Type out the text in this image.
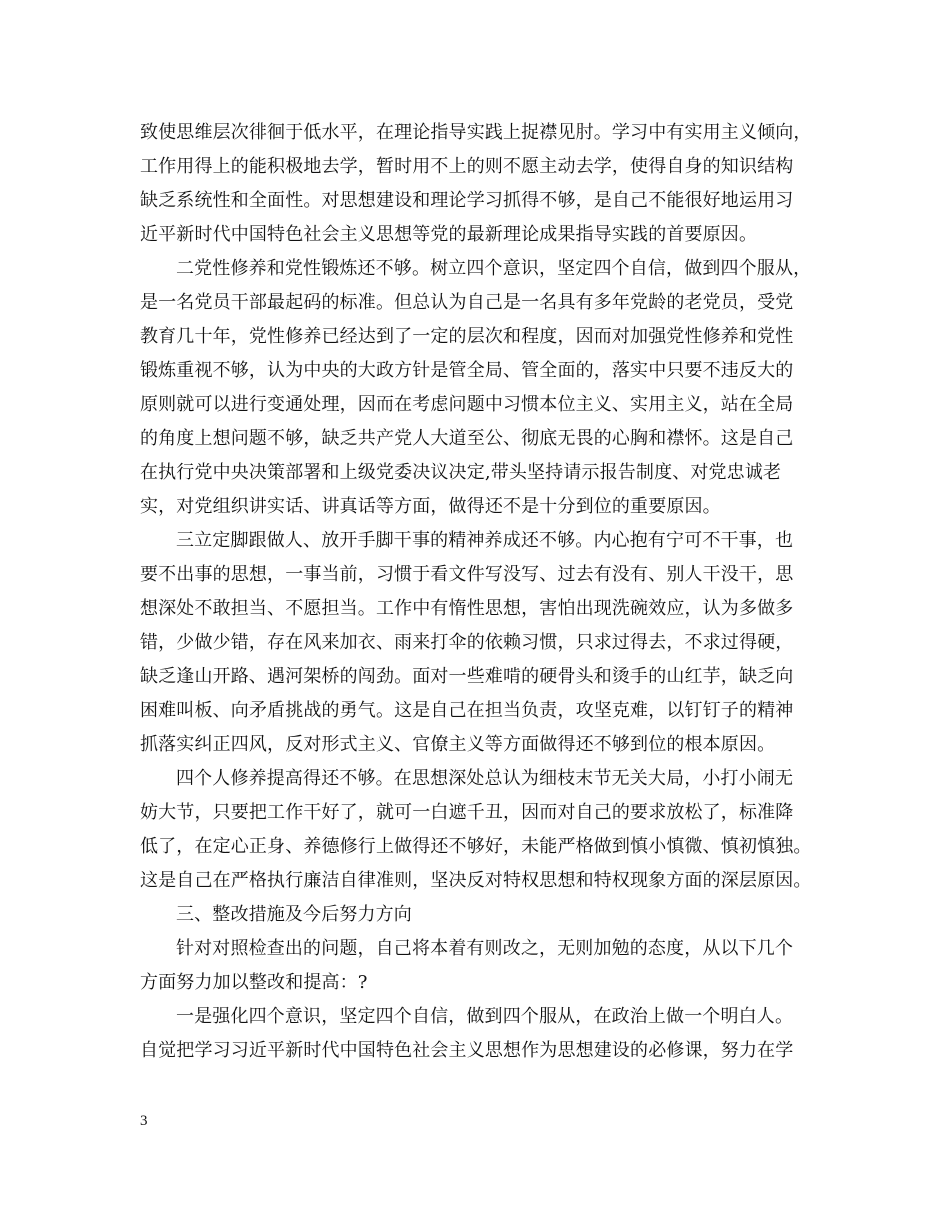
致使思维层次徘徊于低水平，在理论指导实践上捉襟见肘。学习中有实用主义倾向，
工作用得上的能积极地去学，暂时用不上的则不愿主动去学，使得自身的知识结构
缺乏系统性和全面性。对思想建设和理论学习抓得不够，是自己不能很好地运用习
近平新时代中国特色社会主义思想等党的最新理论成果指导实践的首要原因。
二党性修养和党性锻炼还不够。树立四个意识，坚定四个自信，做到四个服从，
是一名党员干部最起码的标准。但总认为自己是一名具有多年党龄的老党员，受党
教育几十年，党性修养已经达到了一定的层次和程度，因而对加强党性修养和党性
锻炼重视不够，认为中央的大政方针是管全局、管全面的，落实中只要不违反大的
原则就可以进行变通处理，因而在考虑问题中习惯本位主义、实用主义，站在全局
的角度上想问题不够，缺乏共产党人大道至公、彻底无畏的心胸和襟怀。这是自己
在执行党中央决策部署和上级党委决议决定,带头坚持请示报告制度、对党忠诚老
实，对党组织讲实话、讲真话等方面，做得还不是十分到位的重要原因。
三立定脚跟做人、放开手脚干事的精神养成还不够。内心抱有宁可不干事，也
要不出事的思想，一事当前，习惯于看文件写没写、过去有没有、别人干没干，思
想深处不敢担当、不愿担当。工作中有惰性思想，害怕出现洗碗效应，认为多做多
错，少做少错，存在风来加衣、雨来打伞的依赖习惯，只求过得去，不求过得硬，
缺乏逢山开路、遇河架桥的闯劲。面对一些难啃的硬骨头和烫手的山红芋，缺乏向
困难叫板、向矛盾挑战的勇气。这是自己在担当负责，攻坚克难，以钉钉子的精神
抓落实纠正四风，反对形式主义、官僚主义等方面做得还不够到位的根本原因。
四个人修养提高得还不够。在思想深处总认为细枝末节无关大局，小打小闹无
妨大节，只要把工作干好了，就可一白遮千丑，因而对自己的要求放松了，标准降
低了，在定心正身、养德修行上做得还不够好，未能严格做到慎小慎微、慎初慎独。
这是自己在严格执行廉洁自律准则，坚决反对特权思想和特权现象方面的深层原因。
三、整改措施及今后努力方向
针对对照检查出的问题，自己将本着有则改之，无则加勉的态度，从以下几个
方面努力加以整改和提高：?
一是强化四个意识，坚定四个自信，做到四个服从，在政治上做一个明白人。
自觉把学习习近平新时代中国特色社会主义思想作为思想建设的必修课，努力在学
3
